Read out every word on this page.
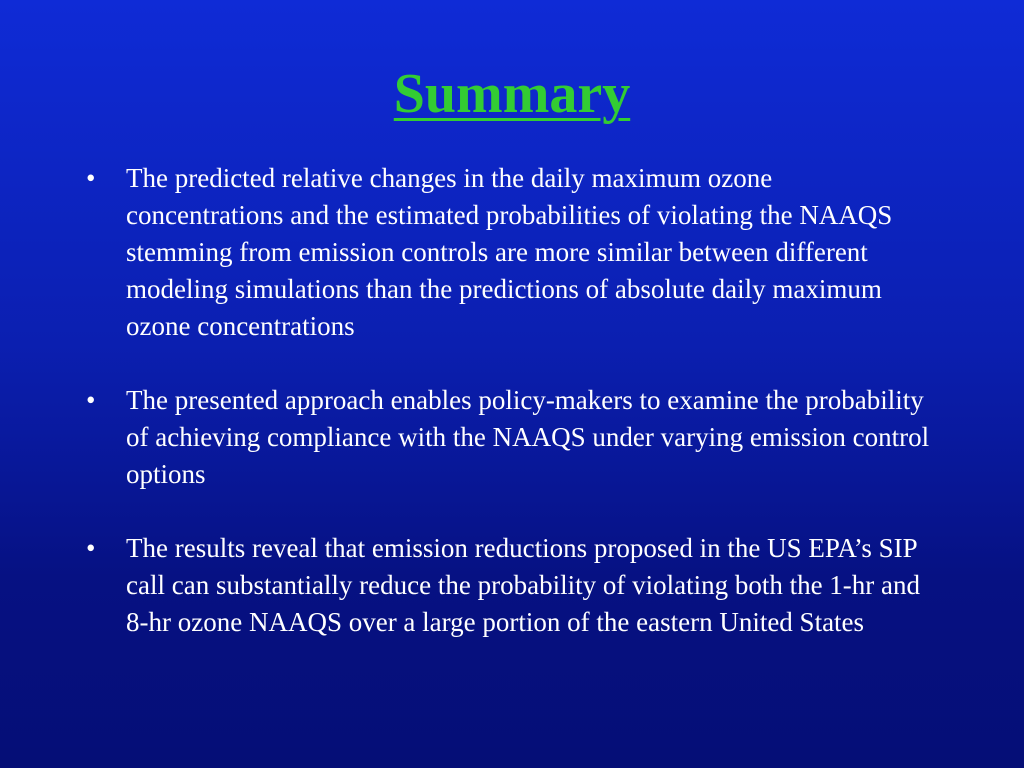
Summary
•	The predicted relative changes in the daily maximum ozone concentrations and the estimated probabilities of violating the NAAQS stemming from emission controls are more similar between different modeling simulations than the predictions of absolute daily maximum ozone concentrations
•	The presented approach enables policy-makers to examine the probability of achieving compliance with the NAAQS under varying emission control options
•	The results reveal that emission reductions proposed in the US EPA’s SIP call can substantially reduce the probability of violating both the 1-hr and 8-hr ozone NAAQS over a large portion of the eastern United States
